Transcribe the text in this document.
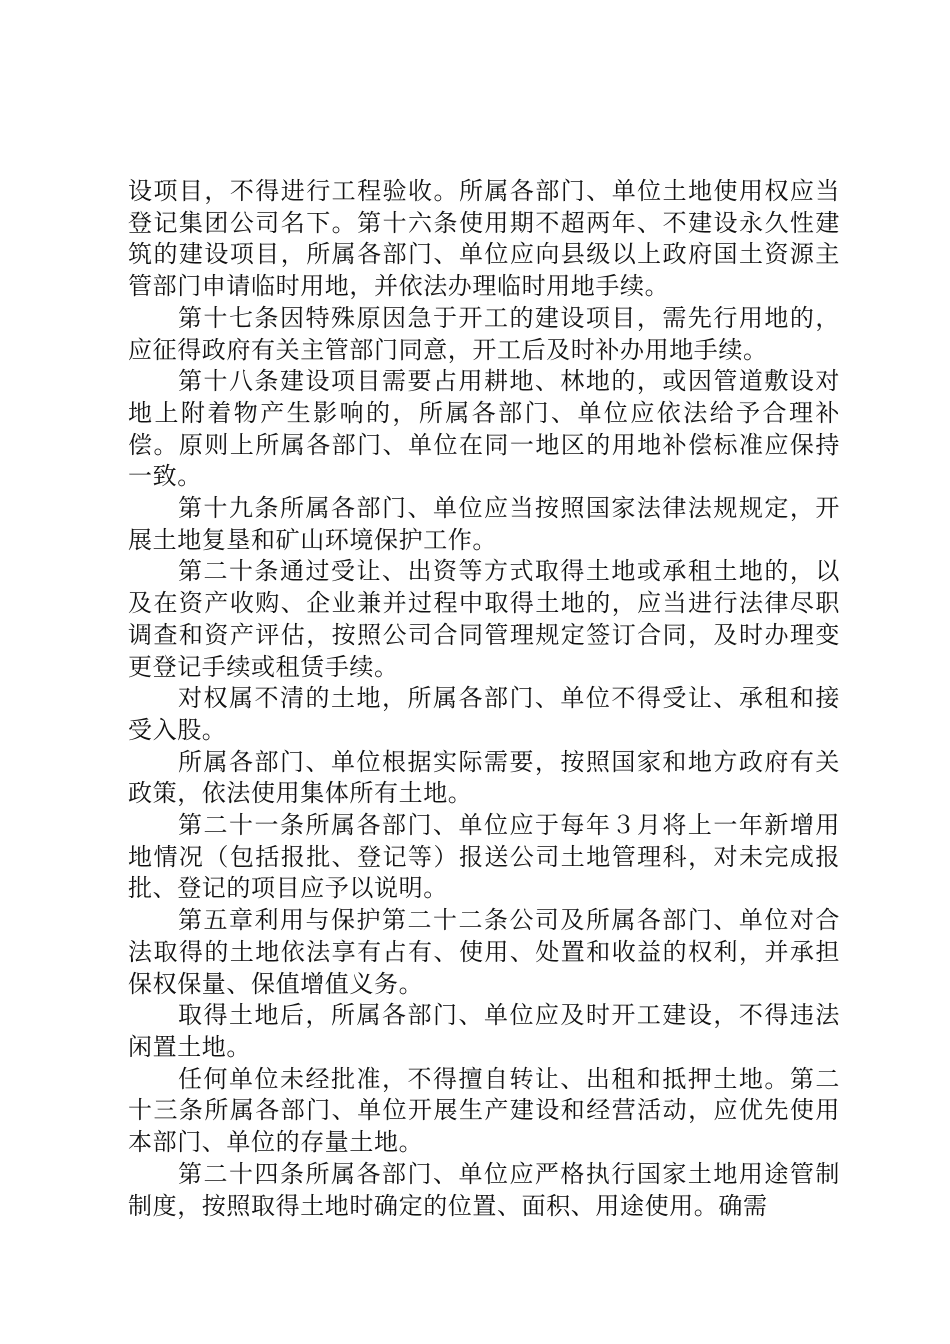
设项目，不得进行工程验收。所属各部门、单位土地使用权应当登记集团公司名下。第十六条使用期不超两年、不建设永久性建筑的建设项目，所属各部门、单位应向县级以上政府国土资源主管部门申请临时用地，并依法办理临时用地手续。

第十七条因特殊原因急于开工的建设项目，需先行用地的，应征得政府有关主管部门同意，开工后及时补办用地手续。

第十八条建设项目需要占用耕地、林地的，或因管道敷设对地上附着物产生影响的，所属各部门、单位应依法给予合理补偿。原则上所属各部门、单位在同一地区的用地补偿标准应保持一致。

第十九条所属各部门、单位应当按照国家法律法规规定，开展土地复垦和矿山环境保护工作。

第二十条通过受让、出资等方式取得土地或承租土地的，以及在资产收购、企业兼并过程中取得土地的，应当进行法律尽职调查和资产评估，按照公司合同管理规定签订合同，及时办理变更登记手续或租赁手续。

对权属不清的土地，所属各部门、单位不得受让、承租和接受入股。

所属各部门、单位根据实际需要，按照国家和地方政府有关政策，依法使用集体所有土地。

第二十一条所属各部门、单位应于每年３月将上一年新增用地情况（包括报批、登记等）报送公司土地管理科，对未完成报批、登记的项目应予以说明。

第五章利用与保护第二十二条公司及所属各部门、单位对合法取得的土地依法享有占有、使用、处置和收益的权利，并承担保权保量、保值增值义务。

取得土地后，所属各部门、单位应及时开工建设，不得违法闲置土地。

任何单位未经批准，不得擅自转让、出租和抵押土地。第二十三条所属各部门、单位开展生产建设和经营活动，应优先使用本部门、单位的存量土地。

第二十四条所属各部门、单位应严格执行国家土地用途管制制度，按照取得土地时确定的位置、面积、用途使用。确需
